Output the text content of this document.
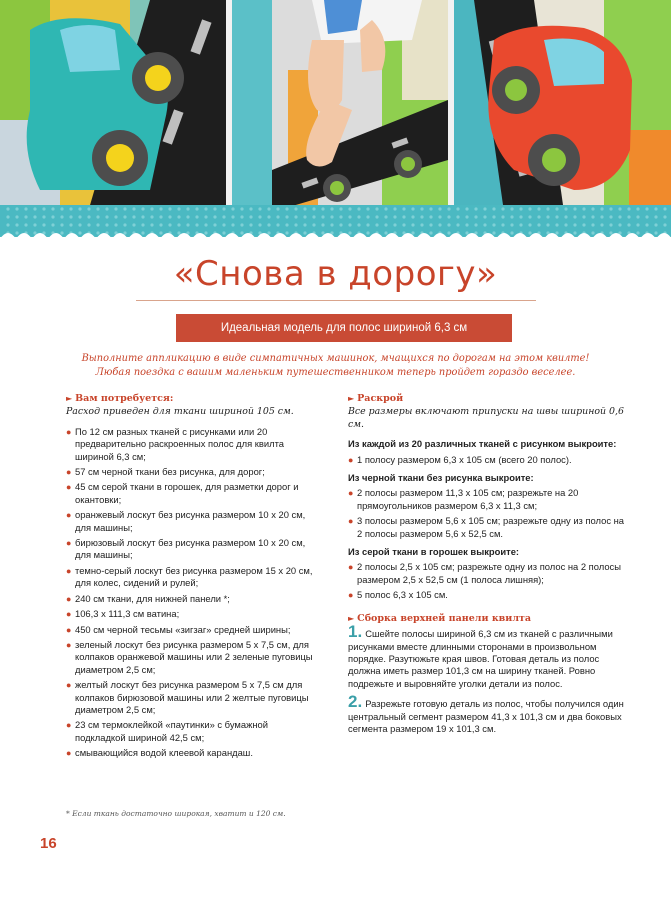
«Снова в дорогу»
Идеальная модель для полос шириной 6,3 см
Выполните аппликацию в виде симпатичных машинок, мчащихся по дорогам на этом квилте!
Любая поездка с вашим маленьким путешественником теперь пройдет гораздо веселее.
► Вам потребуется:
Расход приведен для ткани шириной 105 см.
● По 12 см разных тканей с рисунками или 20 предварительно раскроенных полос для квилта шириной 6,3 см;
● 57 см черной ткани без рисунка, для дорог;
● 45 см серой ткани в горошек, для разметки дорог и окантовки;
● оранжевый лоскут без рисунка размером 10 х 20 см, для машины;
● бирюзовый лоскут без рисунка размером 10 х 20 см, для машины;
● темно-серый лоскут без рисунка размером 15 х 20 см, для колес, сидений и рулей;
● 240 см ткани, для нижней панели *;
● 106,3 х 111,3 см ватина;
● 450 см черной тесьмы «зигзаг» средней ширины;
● зеленый лоскут без рисунка размером 5 х 7,5 см, для колпаков оранжевой машины или 2 зеленые пуговицы диаметром 2,5 см;
● желтый лоскут без рисунка размером 5 х 7,5 см для колпаков бирюзовой машины или 2 желтые пуговицы диаметром 2,5 см;
● 23 см термоклейкой «паутинки» с бумажной подкладкой шириной 42,5 см;
● смывающийся водой клеевой карандаш.
► Раскрой
Все размеры включают припуски на швы шириной 0,6 см.
Из каждой из 20 различных тканей с рисунком выкроите:
● 1 полосу размером 6,3 х 105 см (всего 20 полос).
Из черной ткани без рисунка выкроите:
● 2 полосы размером 11,3 х 105 см; разрежьте на 20 прямоугольников размером 6,3 х 11,3 см;
● 3 полосы размером 5,6 х 105 см; разрежьте одну из полос на 2 полосы размером 5,6 х 52,5 см.
Из серой ткани в горошек выкроите:
● 2 полосы 2,5 х 105 см; разрежьте одну из полос на 2 полосы размером 2,5 х 52,5 см (1 полоса лишняя);
● 5 полос 6,3 х 105 см.
► Сборка верхней панели квилта
1. Сшейте полосы шириной 6,3 см из тканей с различными рисунками вместе длинными сторонами в произвольном порядке. Разутюжьте края швов. Готовая деталь из полос должна иметь размер 101,3 см на ширину тканей. Ровно подрежьте и выровняйте уголки детали из полос.
2. Разрежьте готовую деталь из полос, чтобы получился один центральный сегмент размером 41,3 х 101,3 см и два боковых сегмента размером 19 х 101,3 см.
* Если ткань достаточно широкая, хватит и 120 см.
16
